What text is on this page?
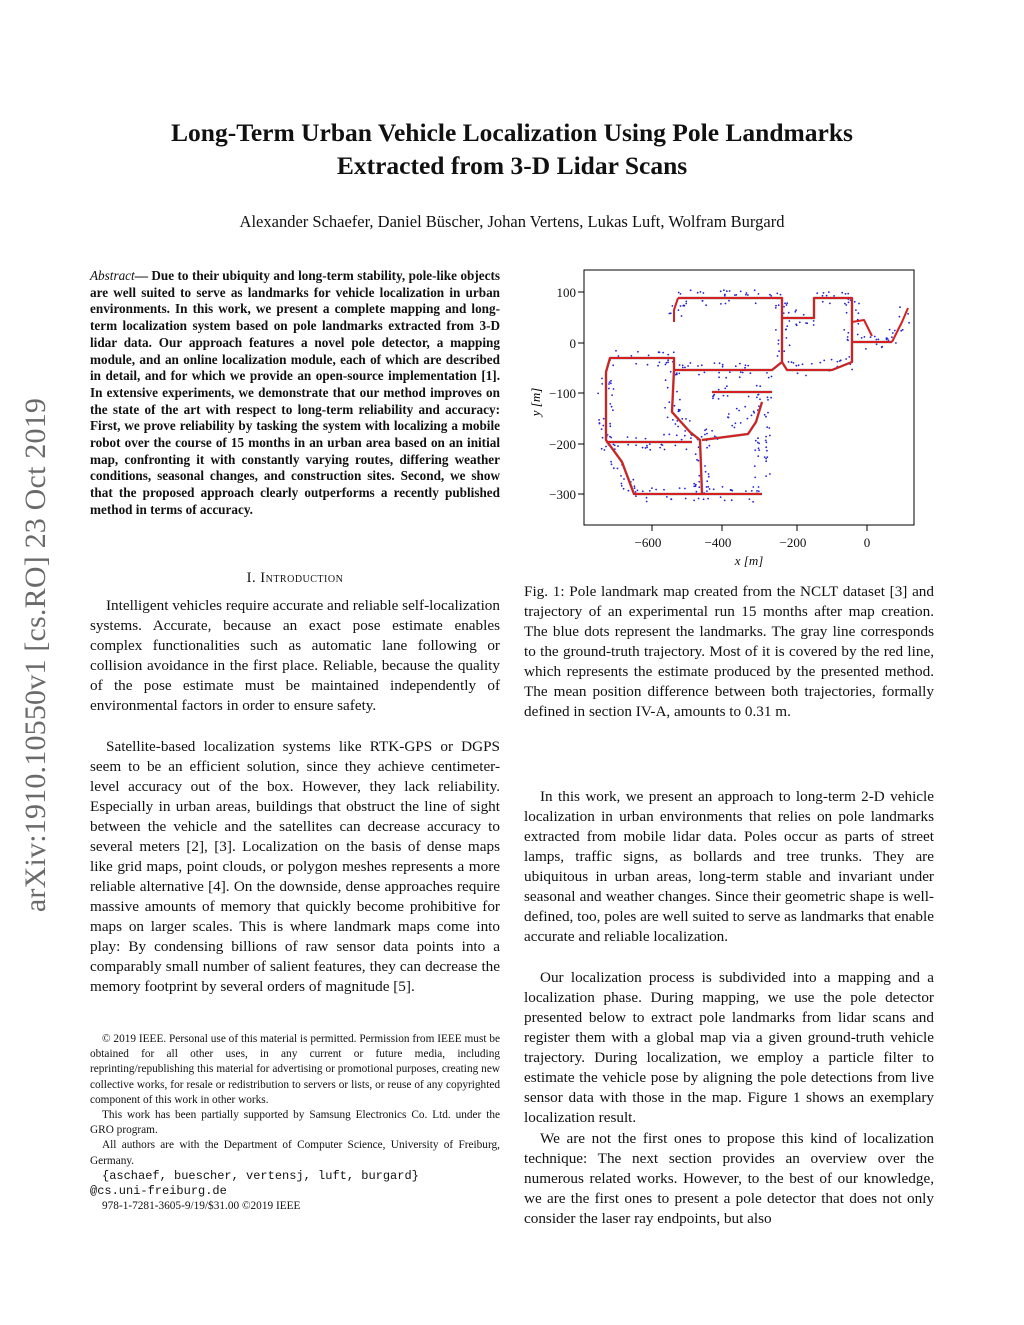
arXiv:1910.10550v1 [cs.RO] 23 Oct 2019
Long-Term Urban Vehicle Localization Using Pole Landmarks
Extracted from 3-D Lidar Scans
Alexander Schaefer, Daniel Büscher, Johan Vertens, Lukas Luft, Wolfram Burgard
Abstract— Due to their ubiquity and long-term stability, pole-like objects are well suited to serve as landmarks for vehicle localization in urban environments. In this work, we present a complete mapping and long-term localization system based on pole landmarks extracted from 3-D lidar data. Our approach features a novel pole detector, a mapping module, and an online localization module, each of which are described in detail, and for which we provide an open-source implementation [1]. In extensive experiments, we demonstrate that our method improves on the state of the art with respect to long-term reliability and accuracy: First, we prove reliability by tasking the system with localizing a mobile robot over the course of 15 months in an urban area based on an initial map, confronting it with constantly varying routes, differing weather conditions, seasonal changes, and construction sites. Second, we show that the proposed approach clearly outperforms a recently published method in terms of accuracy.
I. Introduction

Intelligent vehicles require accurate and reliable self-localization systems. Accurate, because an exact pose estimate enables complex functionalities such as automatic lane following or collision avoidance in the first place. Reliable, because the quality of the pose estimate must be maintained independently of environmental factors in order to ensure safety.

Satellite-based localization systems like RTK-GPS or DGPS seem to be an efficient solution, since they achieve centimeter-level accuracy out of the box. However, they lack reliability. Especially in urban areas, buildings that obstruct the line of sight between the vehicle and the satellites can decrease accuracy to several meters [2], [3]. Localization on the basis of dense maps like grid maps, point clouds, or polygon meshes represents a more reliable alternative [4]. On the downside, dense approaches require massive amounts of memory that quickly become prohibitive for maps on larger scales. This is where landmark maps come into play: By condensing billions of raw sensor data points into a comparably small number of salient features, they can decrease the memory footprint by several orders of magnitude [5].

© 2019 IEEE. Personal use of this material is permitted. Permission from IEEE must be obtained for all other uses, in any current or future media, including reprinting/republishing this material for advertising or promotional purposes, creating new collective works, for resale or redistribution to servers or lists, or reuse of any copyrighted component of this work in other works.

This work has been partially supported by Samsung Electronics Co. Ltd. under the GRO program.

All authors are with the Department of Computer Science, University of Freiburg, Germany.

{aschaef, buescher, vertensj, luft, burgard}

@cs.uni-freiburg.de

978-1-7281-3605-9/19/$31.00 ©2019 IEEE

100
0
−100
−200
−300
−600	−400	−200	0
x [m]
y [m]

Fig. 1: Pole landmark map created from the NCLT dataset [3] and trajectory of an experimental run 15 months after map creation. The blue dots represent the landmarks. The gray line corresponds to the ground-truth trajectory. Most of it is covered by the red line, which represents the estimate produced by the presented method. The mean position difference between both trajectories, formally defined in section IV-A, amounts to 0.31 m.

In this work, we present an approach to long-term 2-D vehicle localization in urban environments that relies on pole landmarks extracted from mobile lidar data. Poles occur as parts of street lamps, traffic signs, as bollards and tree trunks. They are ubiquitous in urban areas, long-term stable and invariant under seasonal and weather changes. Since their geometric shape is well-defined, too, poles are well suited to serve as landmarks that enable accurate and reliable localization.

Our localization process is subdivided into a mapping and a localization phase. During mapping, we use the pole detector presented below to extract pole landmarks from lidar scans and register them with a global map via a given ground-truth vehicle trajectory. During localization, we employ a particle filter to estimate the vehicle pose by aligning the pole detections from live sensor data with those in the map. Figure 1 shows an exemplary localization result.

We are not the first ones to propose this kind of localization technique: The next section provides an overview over the numerous related works. However, to the best of our knowledge, we are the first ones to present a pole detector that does not only consider the laser ray endpoints, but also
